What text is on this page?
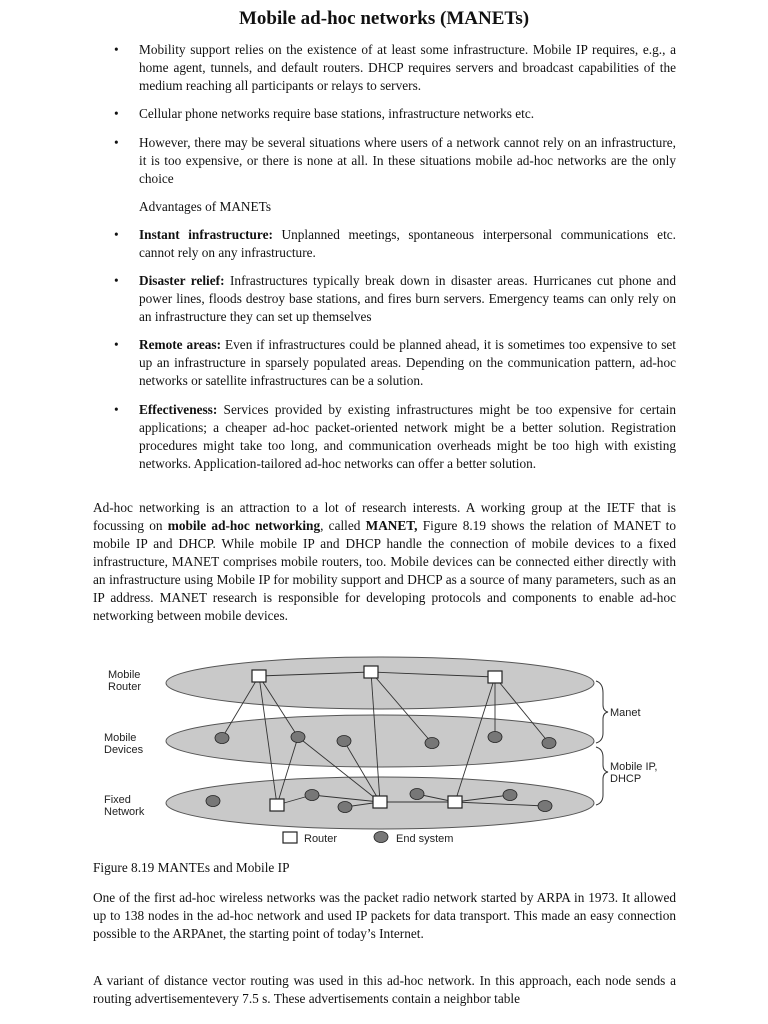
Mobile ad-hoc networks (MANETs)
• Mobility support relies on the existence of at least some infrastructure. Mobile IP requires, e.g., a home agent, tunnels, and default routers. DHCP requires servers and broadcast capabilities of the medium reaching all participants or relays to servers.
• Cellular phone networks require base stations, infrastructure networks etc.
• However, there may be several situations where users of a network cannot rely on an infrastructure, it is too expensive, or there is none at all. In these situations mobile ad-hoc networks are the only choice
Advantages of MANETs
• Instant infrastructure: Unplanned meetings, spontaneous interpersonal communications etc. cannot rely on any infrastructure.
• Disaster relief: Infrastructures typically break down in disaster areas. Hurricanes cut phone and power lines, floods destroy base stations, and fires burn servers. Emergency teams can only rely on an infrastructure they can set up themselves
• Remote areas: Even if infrastructures could be planned ahead, it is sometimes too expensive to set up an infrastructure in sparsely populated areas. Depending on the communication pattern, ad-hoc networks or satellite infrastructures can be a solution.
• Effectiveness: Services provided by existing infrastructures might be too expensive for certain applications; a cheaper ad-hoc packet-oriented network might be a better solution. Registration procedures might take too long, and communication overheads might be too high with existing networks. Application-tailored ad-hoc networks can offer a better solution.
Ad-hoc networking is an attraction to a lot of research interests. A working group at the IETF that is focussing on mobile ad-hoc networking, called MANET, Figure 8.19 shows the relation of MANET to mobile IP and DHCP. While mobile IP and DHCP handle the connection of mobile devices to a fixed infrastructure, MANET comprises mobile routers, too. Mobile devices can be connected either directly with an infrastructure using Mobile IP for mobility support and DHCP as a source of many parameters, such as an IP address. MANET research is responsible for developing protocols and components to enable ad-hoc networking between mobile devices.
Mobile
Router
Mobile
Devices
Fixed
Network
Manet
Mobile IP,
DHCP
Router	End system
Figure 8.19 MANTEs and Mobile IP
One of the first ad-hoc wireless networks was the packet radio network started by ARPA in 1973. It allowed up to 138 nodes in the ad-hoc network and used IP packets for data transport. This made an easy connection possible to the ARPAnet, the starting point of today’s Internet.
A variant of distance vector routing was used in this ad-hoc network. In this approach, each node sends a routing advertisementevery 7.5 s. These advertisements contain a neighbor table
